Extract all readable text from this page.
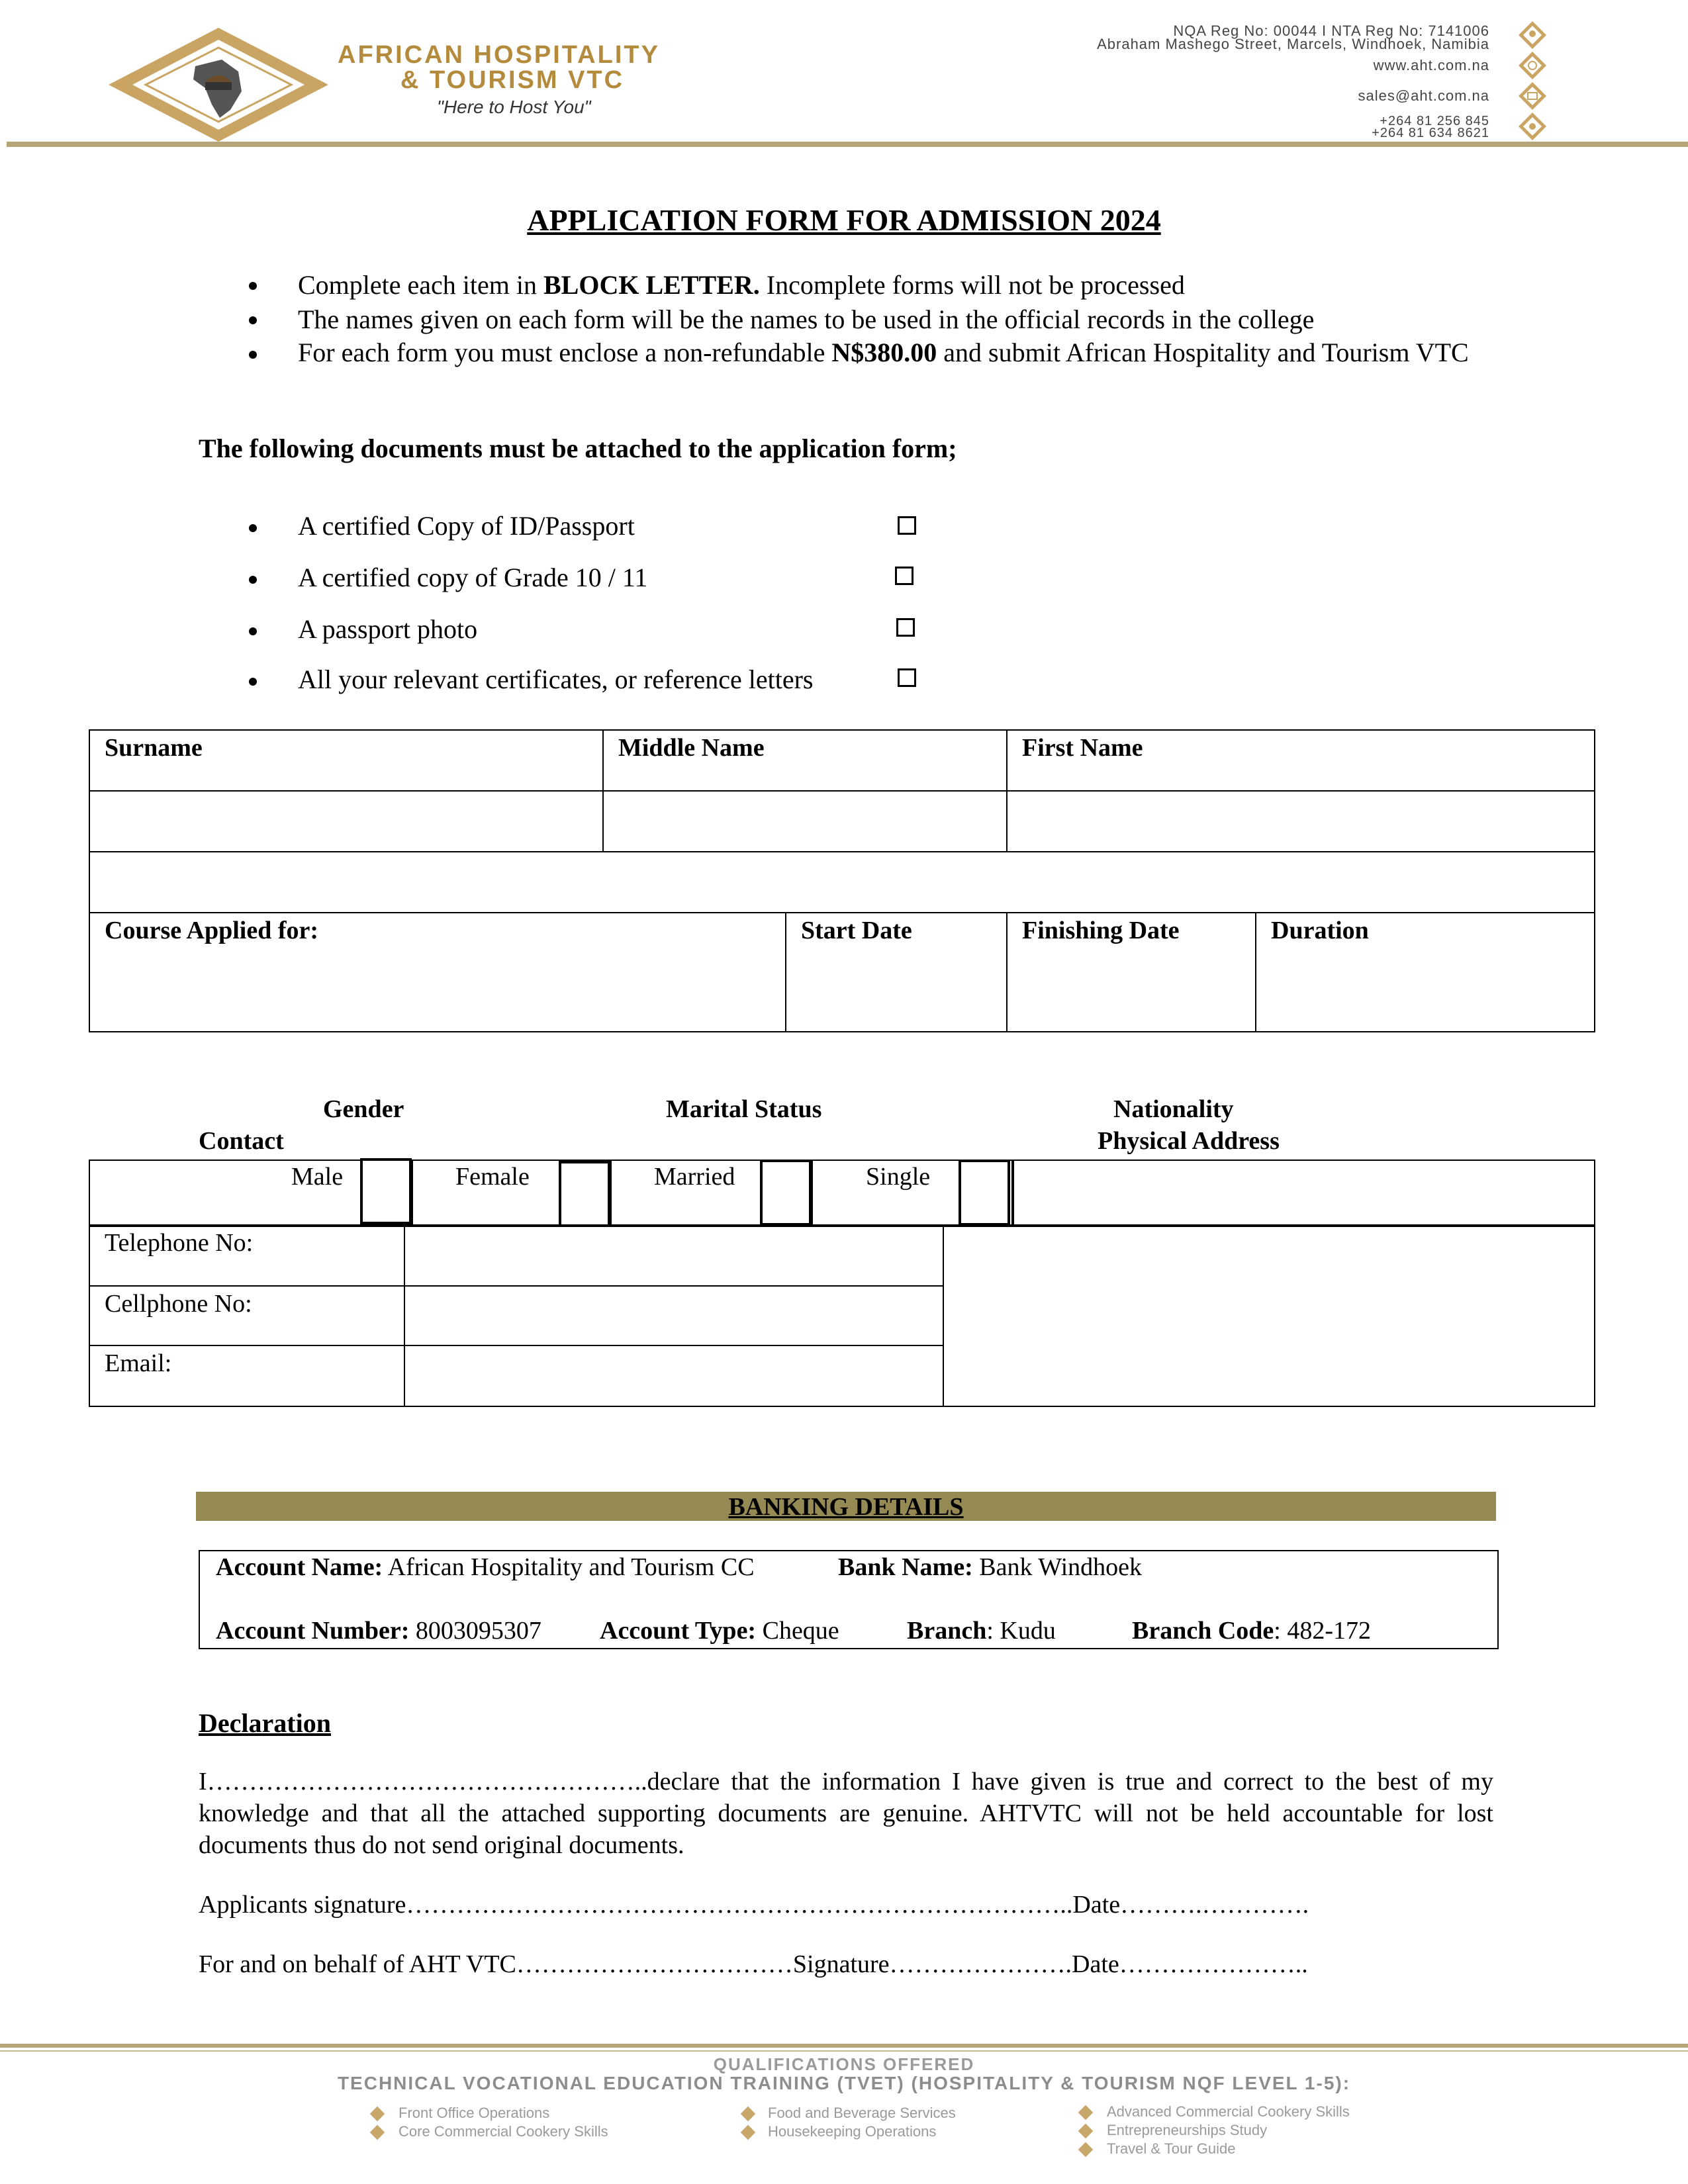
AFRICAN HOSPITALITY
& TOURISM VTC
"Here to Host You"
NQA Reg No: 00044 I NTA Reg No: 7141006
Abraham Mashego Street, Marcels, Windhoek, Namibia
www.aht.com.na
sales@aht.com.na
+264 81 256 845
+264 81 634 8621
APPLICATION FORM FOR ADMISSION 2024
Complete each item in BLOCK LETTER. Incomplete forms will not be processed
The names given on each form will be the names to be used in the official records in the college
For each form you must enclose a non-refundable N$380.00 and submit African Hospitality and Tourism VTC
The following documents must be attached to the application form;
A certified Copy of ID/Passport
A certified copy of Grade 10 / 11
A passport photo
All your relevant certificates, or reference letters
Surname	Middle Name	First Name
Course Applied for:	Start Date	Finishing Date	Duration
Gender	Marital Status	Nationality
Contact	Physical Address
Male	Female	Married	Single
Telephone No:
Cellphone No:
Email:
BANKING DETAILS
Account Name: African Hospitality and Tourism CC	Bank Name: Bank Windhoek
Account Number: 8003095307 Account Type: Cheque	Branch: Kudu	Branch Code: 482-172
Declaration
I……………………………………………..declare that the information I have given is true and correct to the best of my knowledge and that all the attached supporting documents are genuine. AHTVTC will not be held accountable for lost documents thus do not send original documents.
Applicants signature……………………………………………………………………..Date……….………….
For and on behalf of AHT VTC……………………………Signature………………….Date…………………..
QUALIFICATIONS OFFERED
TECHNICAL VOCATIONAL EDUCATION TRAINING (TVET) (HOSPITALITY & TOURISM NQF LEVEL 1-5):
Front Office Operations
Core Commercial Cookery Skills
Food and Beverage Services
Housekeeping Operations
Advanced Commercial Cookery Skills
Entrepreneurships Study
Travel & Tour Guide
